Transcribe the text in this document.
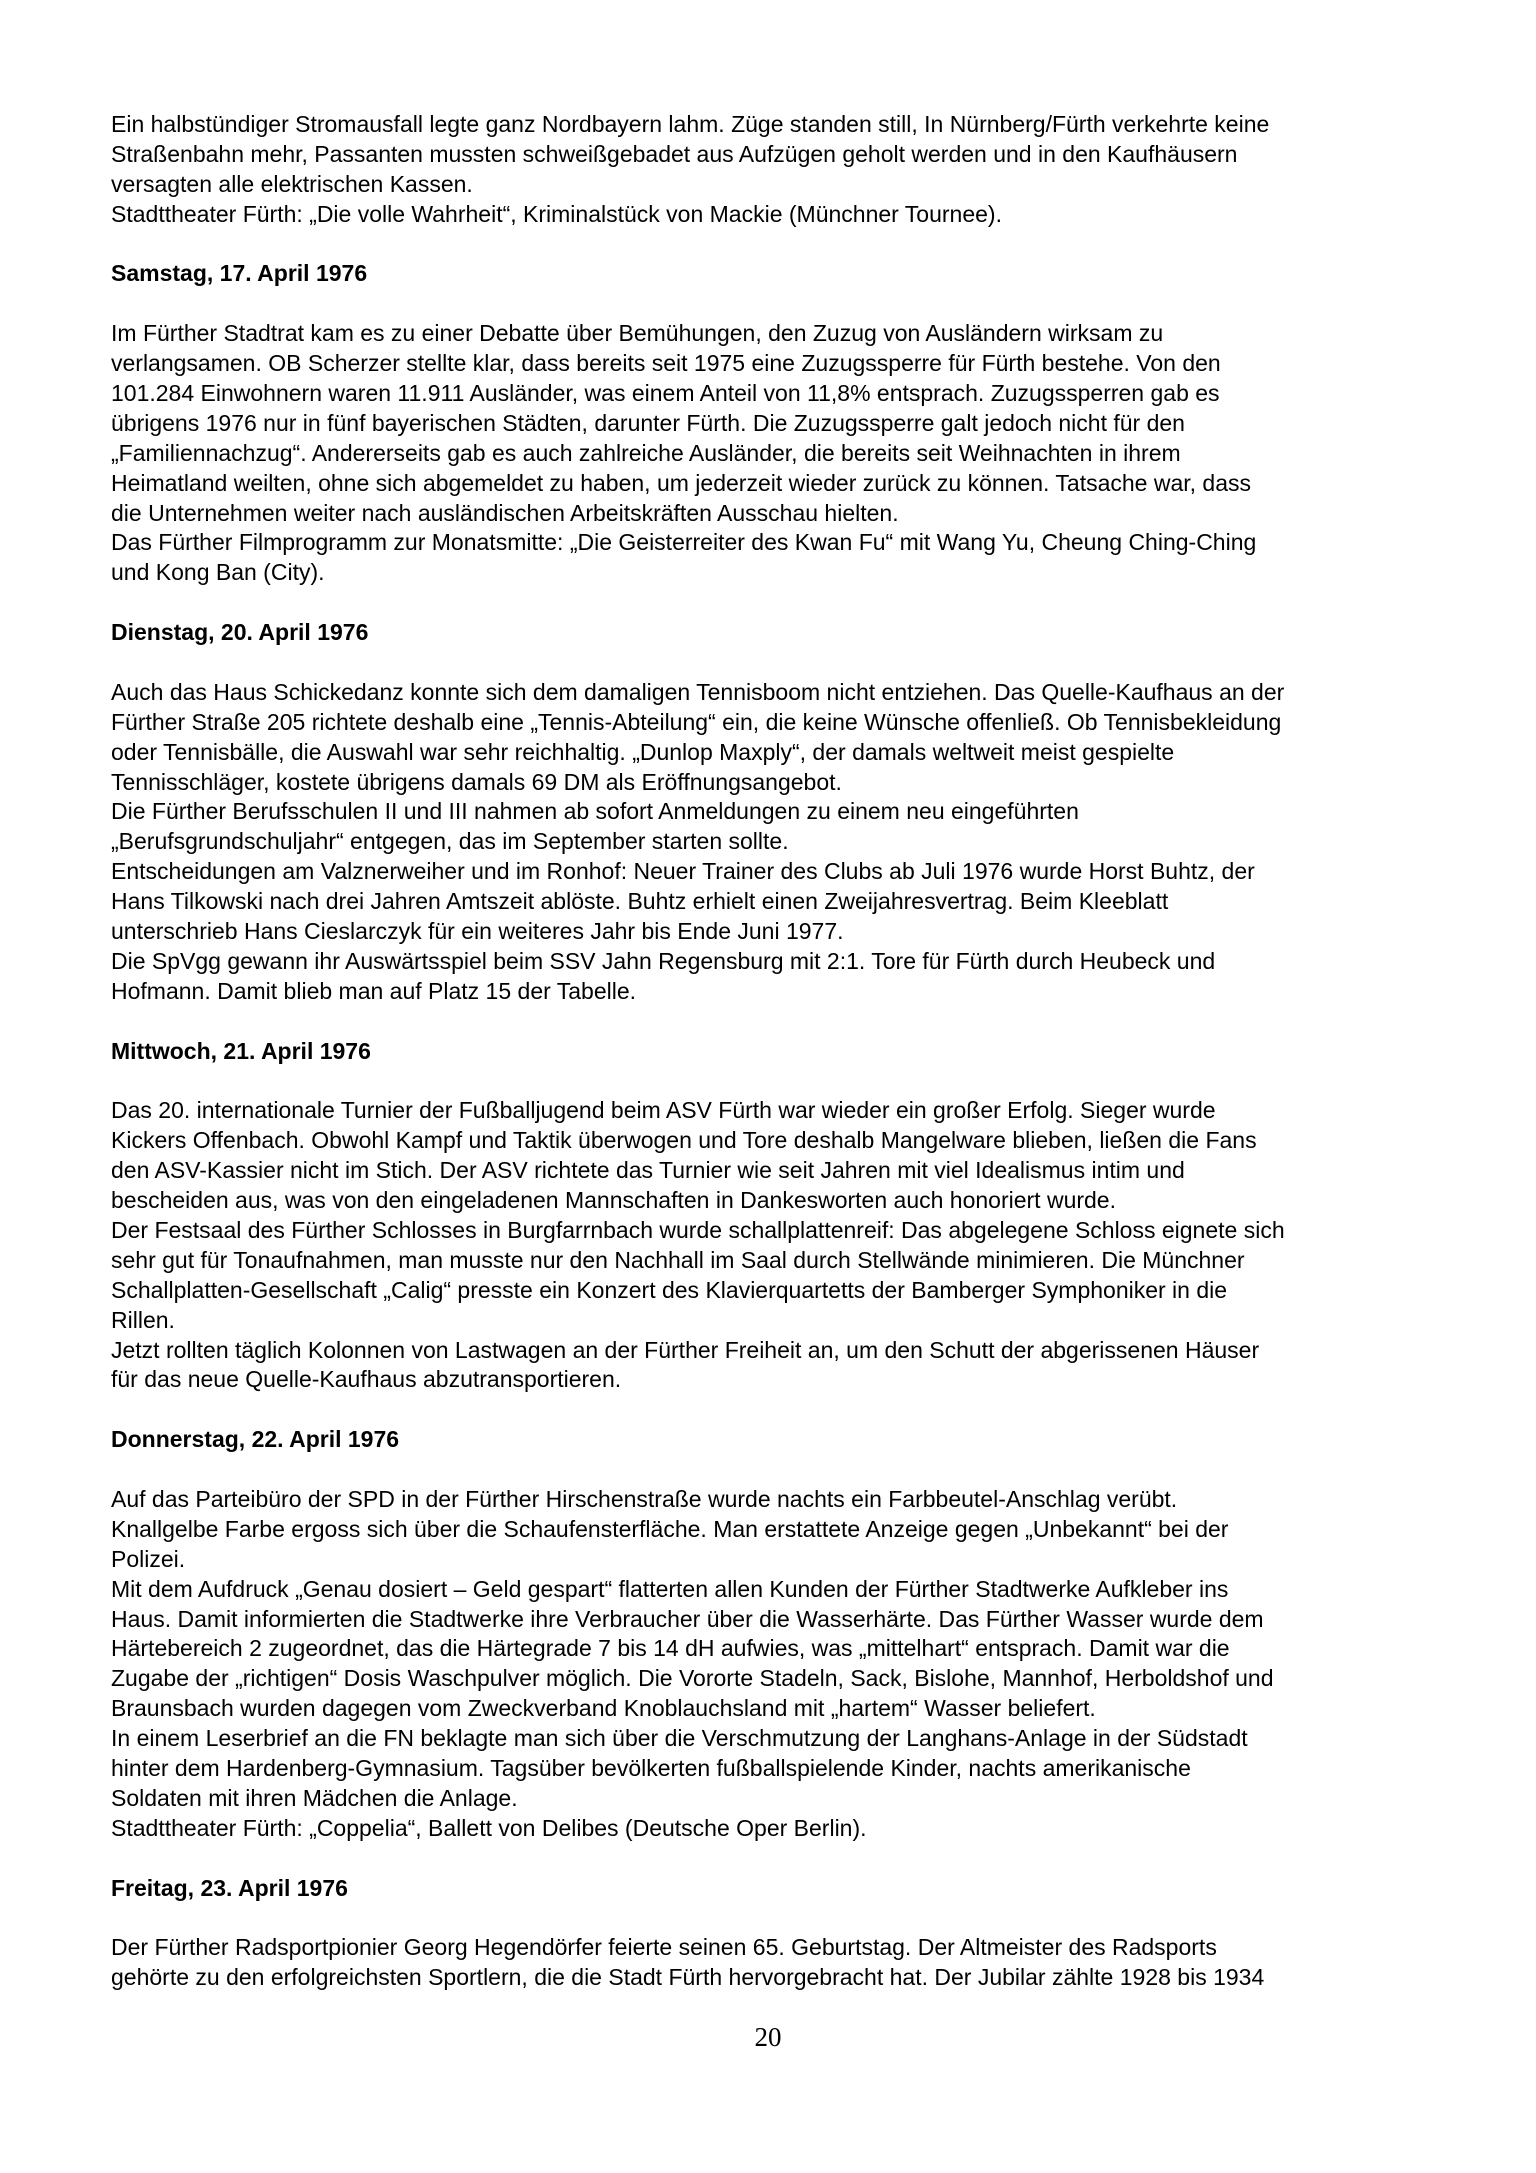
Ein halbstündiger Stromausfall legte ganz Nordbayern lahm. Züge standen still, In Nürnberg/Fürth verkehrte keine
Straßenbahn mehr, Passanten mussten schweißgebadet aus Aufzügen geholt werden und in den Kaufhäusern
versagten alle elektrischen Kassen.
Stadttheater Fürth: „Die volle Wahrheit“, Kriminalstück von Mackie (Münchner Tournee).
Samstag, 17. April 1976
Im Fürther Stadtrat kam es zu einer Debatte über Bemühungen, den Zuzug von Ausländern wirksam zu
verlangsamen. OB Scherzer stellte klar, dass bereits seit 1975 eine Zuzugssperre für Fürth bestehe. Von den
101.284 Einwohnern waren 11.911 Ausländer, was einem Anteil von 11,8% entsprach. Zuzugssperren gab es
übrigens 1976 nur in fünf bayerischen Städten, darunter Fürth. Die Zuzugssperre galt jedoch nicht für den
„Familiennachzug“. Andererseits gab es auch zahlreiche Ausländer, die bereits seit Weihnachten in ihrem
Heimatland weilten, ohne sich abgemeldet zu haben, um jederzeit wieder zurück zu können. Tatsache war, dass
die Unternehmen weiter nach ausländischen Arbeitskräften Ausschau hielten.
Das Fürther Filmprogramm zur Monatsmitte: „Die Geisterreiter des Kwan Fu“ mit Wang Yu, Cheung Ching-Ching
und Kong Ban (City).
Dienstag, 20. April 1976
Auch das Haus Schickedanz konnte sich dem damaligen Tennisboom nicht entziehen. Das Quelle-Kaufhaus an der
Fürther Straße 205 richtete deshalb eine „Tennis-Abteilung“ ein, die keine Wünsche offenließ. Ob Tennisbekleidung
oder Tennisbälle, die Auswahl war sehr reichhaltig. „Dunlop Maxply“, der damals weltweit meist gespielte
Tennisschläger, kostete übrigens damals 69 DM als Eröffnungsangebot.
Die Fürther Berufsschulen II und III nahmen ab sofort Anmeldungen zu einem neu eingeführten
„Berufsgrundschuljahr“ entgegen, das im September starten sollte.
Entscheidungen am Valznerweiher und im Ronhof: Neuer Trainer des Clubs ab Juli 1976 wurde Horst Buhtz, der
Hans Tilkowski nach drei Jahren Amtszeit ablöste. Buhtz erhielt einen Zweijahresvertrag. Beim Kleeblatt
unterschrieb Hans Cieslarczyk für ein weiteres Jahr bis Ende Juni 1977.
Die SpVgg gewann ihr Auswärtsspiel beim SSV Jahn Regensburg mit 2:1. Tore für Fürth durch Heubeck und
Hofmann. Damit blieb man auf Platz 15 der Tabelle.
Mittwoch, 21. April 1976
Das 20. internationale Turnier der Fußballjugend beim ASV Fürth war wieder ein großer Erfolg. Sieger wurde
Kickers Offenbach. Obwohl Kampf und Taktik überwogen und Tore deshalb Mangelware blieben, ließen die Fans
den ASV-Kassier nicht im Stich. Der ASV richtete das Turnier wie seit Jahren mit viel Idealismus intim und
bescheiden aus, was von den eingeladenen Mannschaften in Dankesworten auch honoriert wurde.
Der Festsaal des Fürther Schlosses in Burgfarrnbach wurde schallplattenreif: Das abgelegene Schloss eignete sich
sehr gut für Tonaufnahmen, man musste nur den Nachhall im Saal durch Stellwände minimieren. Die Münchner
Schallplatten-Gesellschaft „Calig“ presste ein Konzert des Klavierquartetts der Bamberger Symphoniker in die
Rillen.
Jetzt rollten täglich Kolonnen von Lastwagen an der Fürther Freiheit an, um den Schutt der abgerissenen Häuser
für das neue Quelle-Kaufhaus abzutransportieren.
Donnerstag, 22. April 1976
Auf das Parteibüro der SPD in der Fürther Hirschenstraße wurde nachts ein Farbbeutel-Anschlag verübt.
Knallgelbe Farbe ergoss sich über die Schaufensterfläche. Man erstattete Anzeige gegen „Unbekannt“ bei der
Polizei.
Mit dem Aufdruck „Genau dosiert – Geld gespart“ flatterten allen Kunden der Fürther Stadtwerke Aufkleber ins
Haus. Damit informierten die Stadtwerke ihre Verbraucher über die Wasserhärte. Das Fürther Wasser wurde dem
Härtebereich 2 zugeordnet, das die Härtegrade 7 bis 14 dH aufwies, was „mittelhart“ entsprach. Damit war die
Zugabe der „richtigen“ Dosis Waschpulver möglich. Die Vororte Stadeln, Sack, Bislohe, Mannhof, Herboldshof und
Braunsbach wurden dagegen vom Zweckverband Knoblauchsland mit „hartem“ Wasser beliefert.
In einem Leserbrief an die FN beklagte man sich über die Verschmutzung der Langhans-Anlage in der Südstadt
hinter dem Hardenberg-Gymnasium. Tagsüber bevölkerten fußballspielende Kinder, nachts amerikanische
Soldaten mit ihren Mädchen die Anlage.
Stadttheater Fürth: „Coppelia“, Ballett von Delibes (Deutsche Oper Berlin).
Freitag, 23. April 1976
Der Fürther Radsportpionier Georg Hegendörfer feierte seinen 65. Geburtstag. Der Altmeister des Radsports
gehörte zu den erfolgreichsten Sportlern, die die Stadt Fürth hervorgebracht hat. Der Jubilar zählte 1928 bis 1934
20
